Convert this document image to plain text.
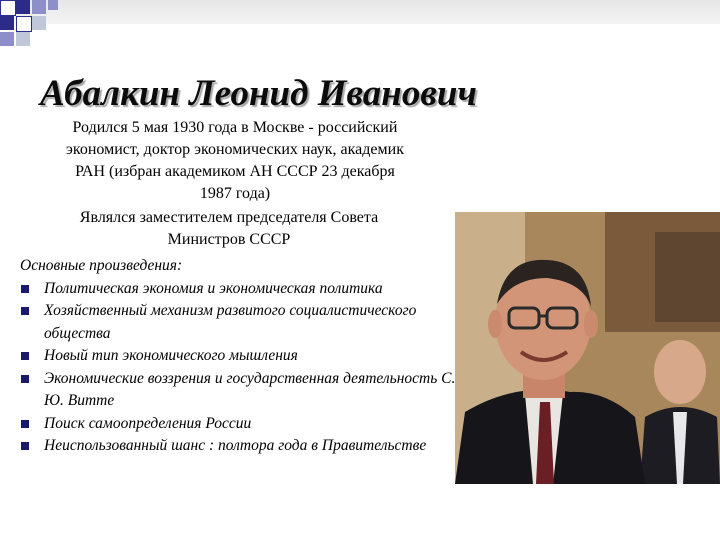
Абалкин Леонид Иванович

Родился 5 мая 1930 года в Москве - российский экономист, доктор экономических наук, академик РАН (избран академиком АН СССР 23 декабря 1987 года)

Являлся заместителем председателя Совета Министров СССР

Основные произведения:

Политическая экономия и экономическая политика
Хозяйственный механизм развитого социалистического общества
Новый тип экономического мышления
Экономические воззрения и государственная деятельность С. Ю. Витте
Поиск самоопределения России
Неиспользованный шанс : полтора года в Правительстве
